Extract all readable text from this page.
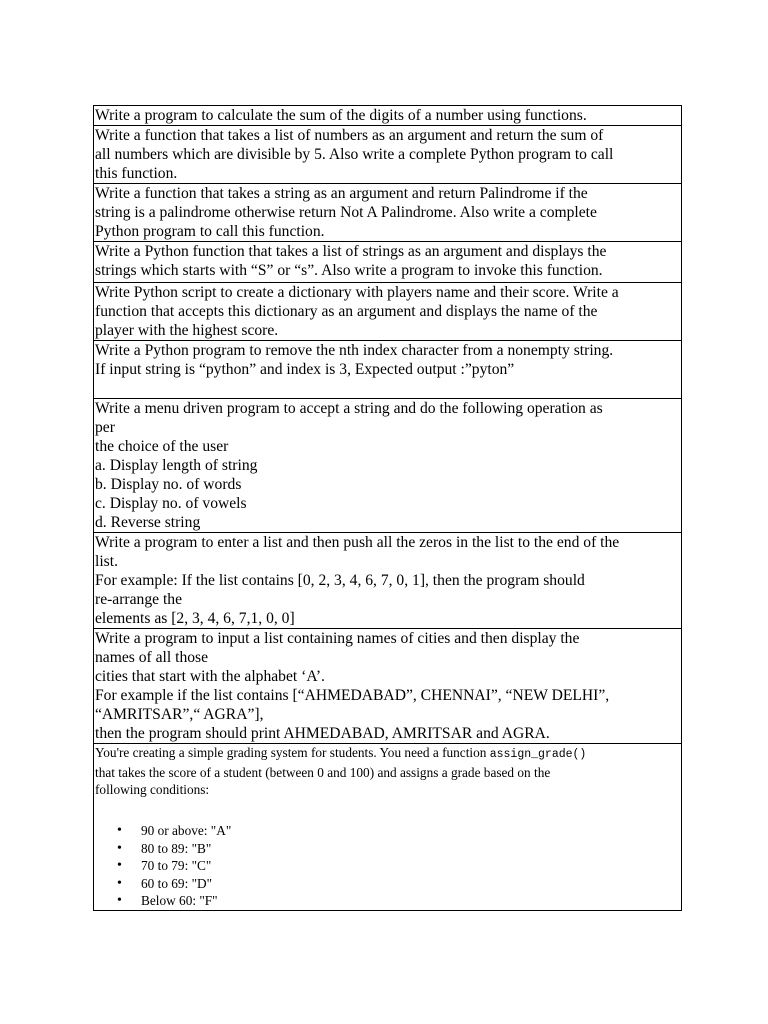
Write a program to calculate the sum of the digits of a number using functions.

Write a function that takes a list of numbers as an argument and return the sum of
all numbers which are divisible by 5. Also write a complete Python program to call
this function.

Write a function that takes a string as an argument and return Palindrome if the
string is a palindrome otherwise return Not A Palindrome. Also write a complete
Python program to call this function.

Write a Python function that takes a list of strings as an argument and displays the
strings which starts with “S” or “s”. Also write a program to invoke this function.

Write Python script to create a dictionary with players name and their score. Write a
function that accepts this dictionary as an argument and displays the name of the
player with the highest score.

Write a Python program to remove the nth index character from a nonempty string.
If input string is “python” and index is 3, Expected output :”pyton”

Write a menu driven program to accept a string and do the following operation as
per
the choice of the user
a. Display length of string
b. Display no. of words
c. Display no. of vowels
d. Reverse string

Write a program to enter a list and then push all the zeros in the list to the end of the
list.
For example: If the list contains [0, 2, 3, 4, 6, 7, 0, 1], then the program should
re-arrange the
elements as [2, 3, 4, 6, 7,1, 0, 0]

Write a program to input a list containing names of cities and then display the
names of all those
cities that start with the alphabet ‘A’.
For example if the list contains [“AHMEDABAD”, CHENNAI”, “NEW DELHI”,
“AMRITSAR”,“ AGRA”],
then the program should print AHMEDABAD, AMRITSAR and AGRA.

You're creating a simple grading system for students. You need a function assign_grade()
that takes the score of a student (between 0 and 100) and assigns a grade based on the
following conditions:
• 90 or above: "A"
• 80 to 89: "B"
• 70 to 79: "C"
• 60 to 69: "D"
• Below 60: "F"
